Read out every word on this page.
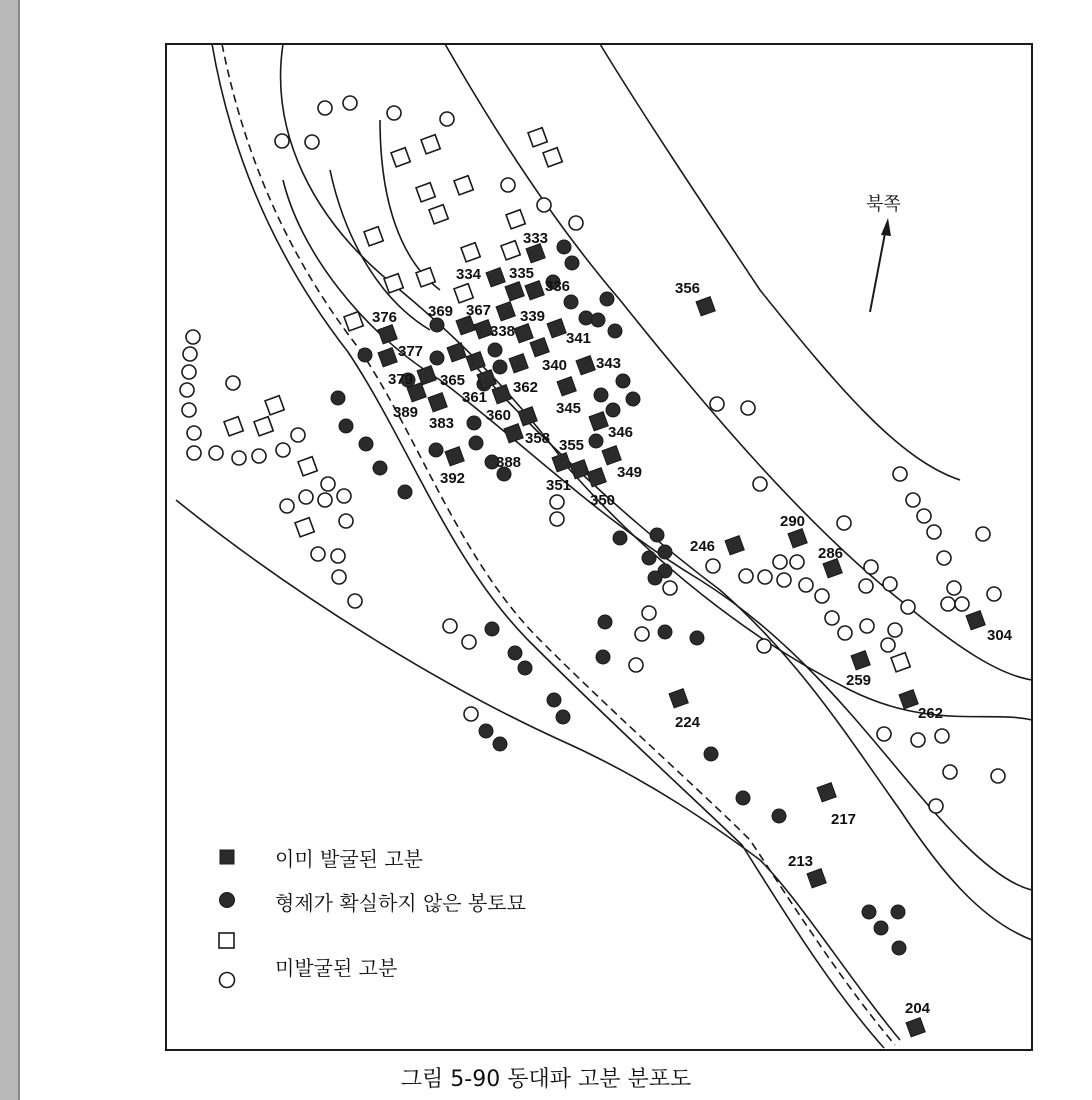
333
334 335
336
367 339
369
376
338	341
377
340 343
379 365	362
361
345
389
383 360
346
358 355
388
349
392	351
350
356
290
246	286
304
259
262
224
217
213
204
북쪽
이미 발굴된 고분
형제가 확실하지 않은 봉토묘
미발굴된 고분
그림 5-90 동대파 고분 분포도
